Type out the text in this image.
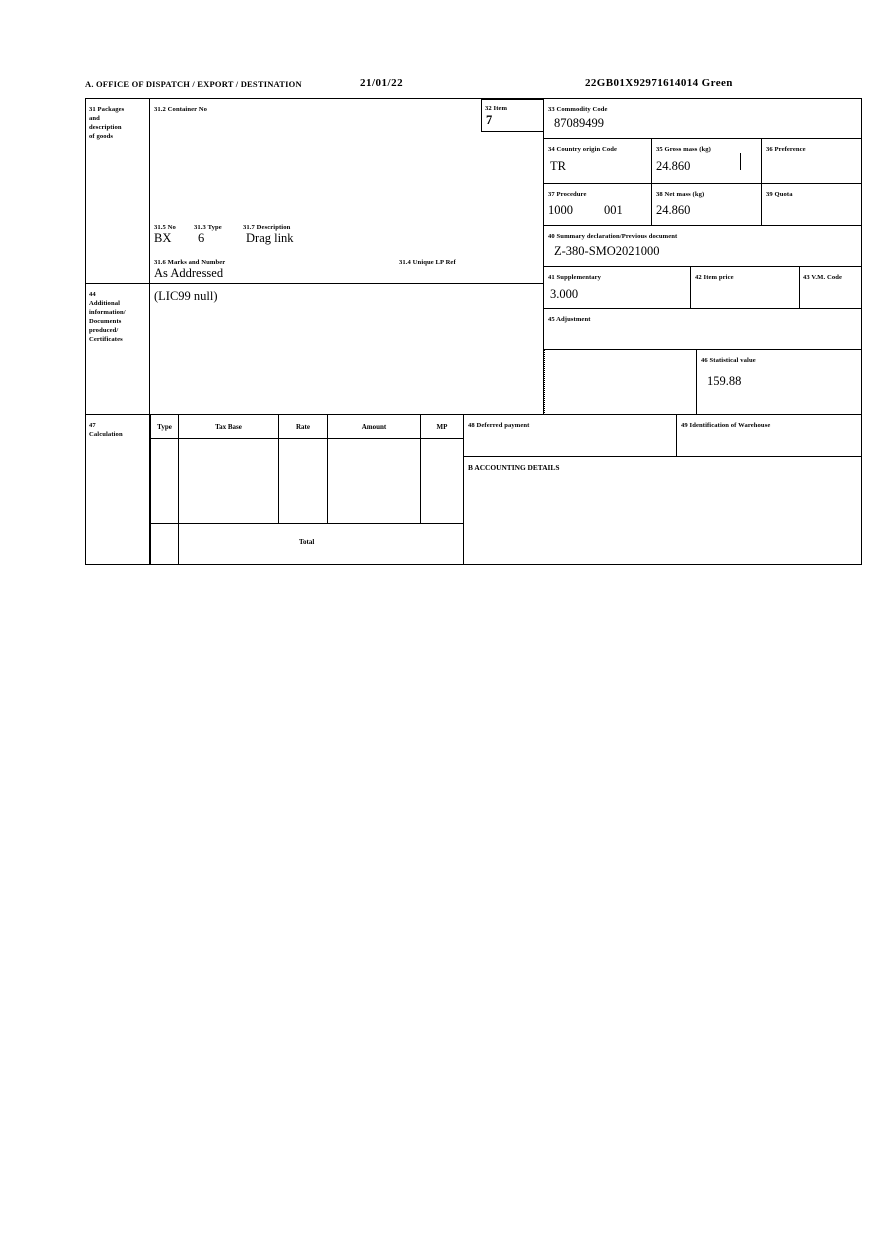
A. OFFICE OF DISPATCH / EXPORT / DESTINATION	21/01/22	22GB01X92971614014 Green
31 Packages
and
description
of goods
31.2 Container No
31.5 No	31.3 Type	31.7 Description
BX 6	Drag link
31.6 Marks and Number	31.4 Unique LP Ref
As Addressed
32 Item
7
33 Commodity Code
87089499
34 Country origin Code
TR
35 Gross mass (kg)
24.860
36 Preference
37 Procedure
1000 001
38 Net mass (kg)
24.860
39 Quota
40 Summary declaration/Previous document
Z-380-SMO2021000
41 Supplementary
3.000
42 Item price	43 V.M. Code
44
Additional
information/
Documents
produced/
Certificates
(LIC99 null)
45 Adjustment
46 Statistical value
159.88
47
Calculation
Type	Tax Base	Rate	Amount	MP
Total
48 Deferred payment	49 Identification of Warehouse
B ACCOUNTING DETAILS
